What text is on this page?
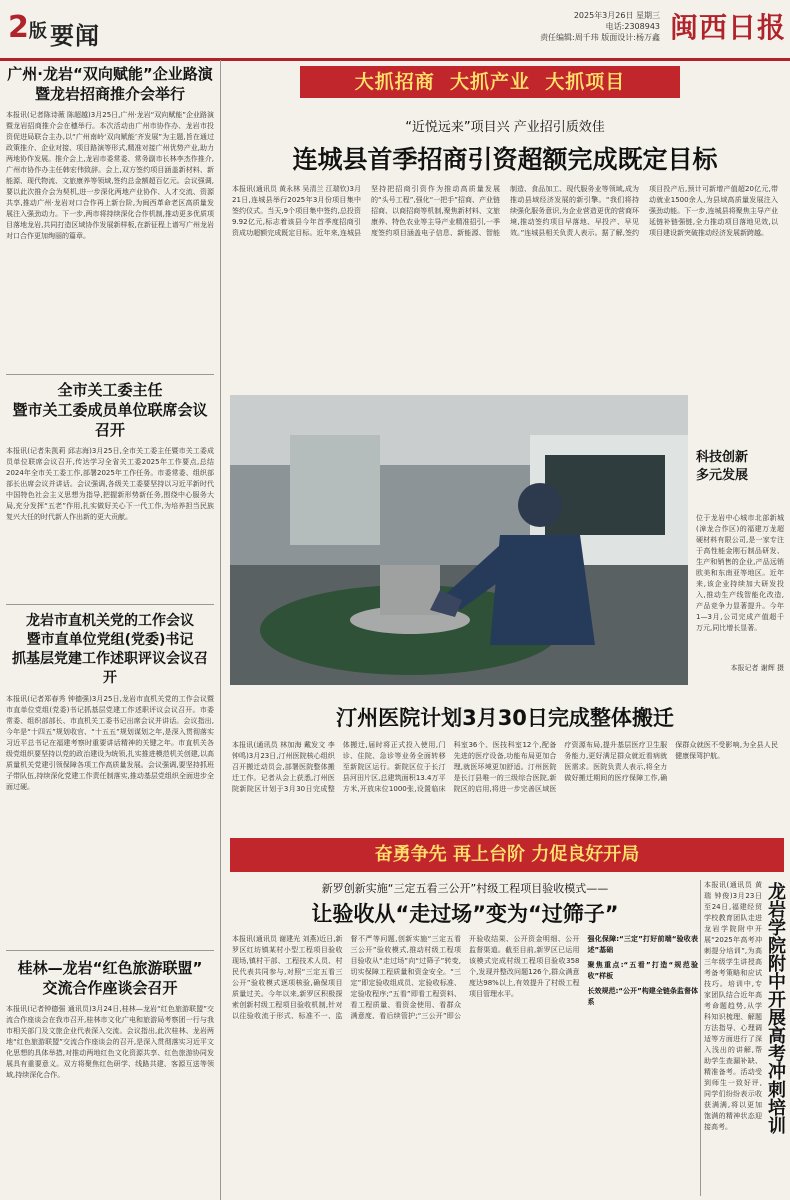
2版 要闻
2025年3月26日 星期三
电话:2308943
责任编辑:周千玮 版面设计:杨万鑫 闽西日报
广州·龙岩“双向赋能”企业路演
暨龙岩招商推介会举行
本报讯(记者陈诗薇 陈超越)3月25日,广州·龙岩“双向赋能”企业路演暨龙岩招商推介会在穗举行。本次活动由广州市协作办、龙岩市投资促进局联合主办,以“广州南岭‘双向赋能’齐发展”为主题,旨在通过政策推介、企业对接、项目路演等形式,精准对接广州优势产业,助力两地协作发展。推介会上,龙岩市委常委、常务副市长林李杰作推介,广州市协作办主任韩宏伟致辞。会上,双方签约项目涵盖新材料、新能源、现代物流、文旅康养等领域,签约总金额超百亿元。会议强调,要以此次推介会为契机,进一步深化两地产业协作、人才交流、资源共享,推动广州·龙岩对口合作再上新台阶,为闽西革命老区高质量发展注入强劲动力。下一步,两市将持续深化合作机制,推动更多优质项目落地龙岩,共同打造区域协作发展新样板,在新征程上谱写广州龙岩对口合作更加绚丽的篇章。
全市关工委主任
暨市关工委成员单位联席会议召开
本报讯(记者朱凯莉 邱志海)3月25日,全市关工委主任暨市关工委成员单位联席会议召开,传达学习全省关工委2025年工作要点,总结2024年全市关工委工作,部署2025年工作任务。市委常委、组织部部长出席会议并讲话。会议强调,各级关工委要坚持以习近平新时代中国特色社会主义思想为指导,把握新形势新任务,围绕中心服务大局,充分发挥“五老”作用,扎实做好关心下一代工作,为培养担当民族复兴大任的时代新人作出新的更大贡献。
龙岩市直机关党的工作会议
暨市直单位党组(党委)书记
抓基层党建工作述职评议会议召开
本报讯(记者郑春秀 钟德强)3月25日,龙岩市直机关党的工作会议暨市直单位党组(党委)书记抓基层党建工作述职评议会议召开。市委常委、组织部部长、市直机关工委书记出席会议并讲话。会议指出,今年是“十四五”规划收官、“十五五”规划谋划之年,是深入贯彻落实习近平总书记在福建考察时重要讲话精神的关键之年。市直机关各级党组织要坚持以党的政治建设为统领,扎实推进模范机关创建,以高质量机关党建引领保障各项工作高质量发展。会议强调,要坚持抓班子带队伍,持续深化党建工作责任制落实,推动基层党组织全面进步全面过硬。
桂林—龙岩“红色旅游联盟”
交流合作座谈会召开
本报讯(记者钟德强 通讯员)3月24日,桂林—龙岩“红色旅游联盟”交流合作座谈会在我市召开,桂林市文化广电和旅游局考察团一行与我市相关部门及文旅企业代表深入交流。会议指出,此次桂林、龙岩两地“红色旅游联盟”交流合作座谈会的召开,是深入贯彻落实习近平文化思想的具体举措,对推动两地红色文化资源共享、红色旅游协同发展具有重要意义。双方将聚焦红色研学、线路共建、客源互送等领域,持续深化合作。
大抓招商 大抓产业 大抓项目
“近悦远来”项目兴 产业招引质效佳
连城县首季招商引资超额完成既定目标
本报讯(通讯员 黄永林 吴清兰 江瑞钦)3月21日,连城县举行2025年3月份项目集中签约仪式。当天,9个项目集中签约,总投资9.92亿元,标志着该县今年首季度招商引资成功超额完成既定目标。近年来,连城县坚持把招商引资作为推动高质量发展的“头号工程”,强化“一把手”招商、产业链招商、以商招商等机制,聚焦新材料、文旅康养、特色农业等主导产业精准招引,一季度签约项目涵盖电子信息、新能源、智能制造、食品加工、现代服务业等领域,成为推动县域经济发展的新引擎。“我们将持续强化服务意识,为企业营造更优的营商环境,推动签约项目早落地、早投产、早见效。”连城县相关负责人表示。据了解,签约项目投产后,预计可新增产值超20亿元,带动就业1500余人,为县域高质量发展注入强劲动能。下一步,连城县将聚焦主导产业延链补链强链,全力推动项目落地见效,以项目建设新突破推动经济发展新跨越。
科技创新
多元发展
位于龙岩中心城市北部新城(漳龙合作区)的福建万龙超硬材料有限公司,是一家专注于高性能金刚石制品研发、生产和销售的企业,产品远销欧美和东南亚等地区。近年来,该企业持续加大研发投入,推动生产线智能化改造,产品竞争力显著提升。今年1—3月,公司完成产值超千万元,同比增长显著。
本报记者 谢辉 摄
汀州医院计划3月30日完成整体搬迁
本报讯(通讯员 林加海 戴发文 李钟鸣)3月23日,汀州医院核心组织召开搬迁动员会,部署医院整体搬迁工作。记者从会上获悉,汀州医院新院区计划于3月30日完成整体搬迁,届时将正式投入使用,门诊、住院、急诊等业务全面转移至新院区运行。新院区位于长汀县河田片区,总建筑面积13.4万平方米,开放床位1000张,设置临床科室36个、医技科室12个,配备先进的医疗设备,功能布局更加合理,就医环境更加舒适。汀州医院是长汀县唯一的三级综合医院,新院区的启用,将进一步完善区域医疗资源布局,提升基层医疗卫生服务能力,更好满足群众就近看病就医需求。医院负责人表示,将全力做好搬迁期间的医疗保障工作,确保群众就医不受影响,为全县人民健康保驾护航。
奋勇争先 再上台阶 力促良好开局
新罗创新实施“三定五看三公开”村级工程项目验收模式——
让验收从“走过场”变为“过筛子”
本报讯(通讯员 谢建光 刘燕)近日,新罗区红坊镇某村小型工程项目验收现场,镇村干部、工程技术人员、村民代表共同参与,对照“三定五看三公开”验收模式逐项核验,确保项目质量过关。今年以来,新罗区积极探索创新村级工程项目验收机制,针对以往验收流于形式、标准不一、监督不严等问题,创新实施“三定五看三公开”验收模式,推动村级工程项目验收从“走过场”向“过筛子”转变,切实保障工程质量和资金安全。“三定”即定验收组成员、定验收标准、定验收程序;“五看”即看工程资料、看工程质量、看资金使用、看群众满意度、看后续管护;“三公开”即公开验收结果、公开资金明细、公开监督渠道。截至目前,新罗区已运用该模式完成村级工程项目验收358个,发现并整改问题126个,群众满意度达98%以上,有效提升了村级工程项目管理水平。
强化保障:“三定”打好前端“验收表述”基础
聚焦重点:“五看”打造“规范验收”样板
长效规范:“公开”构建全链条监督体系
本报讯(通讯员 黄瑞 钟俊)3月23日至24日,福建经贸学校教育团队走进龙岩学院附中开展“2025年高考冲刺提分培训”,为高三年级学生讲授高考备考策略和应试技巧。培训中,专家团队结合近年高考命题趋势,从学科知识梳理、解题方法指导、心理调适等方面进行了深入浅出的讲解,帮助学生查漏补缺、精准备考。活动受到师生一致好评,同学们纷纷表示收获满满,将以更加饱满的精神状态迎接高考。	龙岩学院附中开展高考冲刺培训
